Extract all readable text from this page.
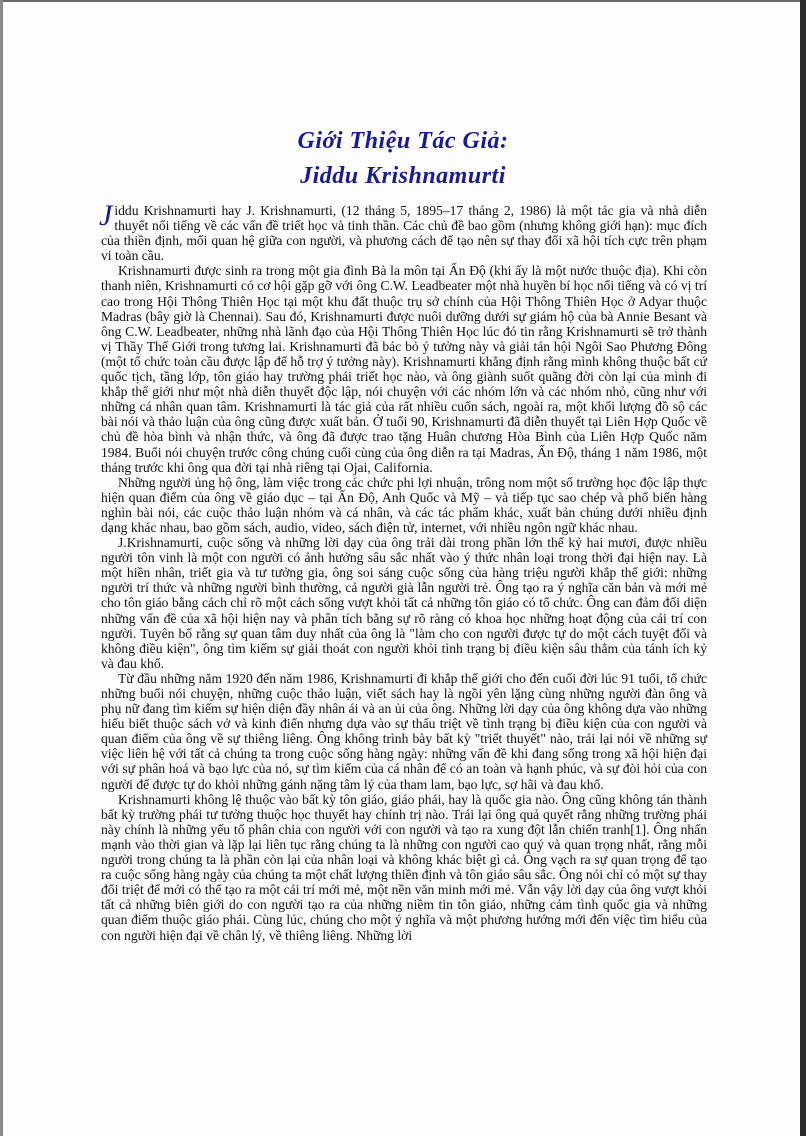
Giới Thiệu Tác Giả:
Jiddu Krishnamurti

Jiddu Krishnamurti hay J. Krishnamurti, (12 tháng 5, 1895–17 tháng 2, 1986) là một tác gia và nhà diễn thuyết nổi tiếng về các vấn đề triết học và tinh thần. Các chủ đề bao gồm (nhưng không giới hạn): mục đích của thiền định, mối quan hệ giữa con người, và phương cách để tạo nên sự thay đổi xã hội tích cực trên phạm vi toàn cầu.

Krishnamurti được sinh ra trong một gia đình Bà la môn tại Ấn Độ (khi ấy là một nước thuộc địa). Khi còn thanh niên, Krishnamurti có cơ hội gặp gỡ với ông C.W. Leadbeater một nhà huyền bí học nổi tiếng và có vị trí cao trong Hội Thông Thiên Học tại một khu đất thuộc trụ sở chính của Hội Thông Thiên Học ở Adyar thuộc Madras (bây giờ là Chennai). Sau đó, Krishnamurti được nuôi dưỡng dưới sự giám hộ của bà Annie Besant và ông C.W. Leadbeater, những nhà lãnh đạo của Hội Thông Thiên Học lúc đó tin rằng Krishnamurti sẽ trở thành vị Thầy Thế Giới trong tương lai. Krishnamurti đã bác bỏ ý tưởng này và giải tán hội Ngôi Sao Phương Đông (một tổ chức toàn cầu được lập để hỗ trợ ý tưởng này). Krishnamurti khẳng định rằng mình không thuộc bất cứ quốc tịch, tầng lớp, tôn giáo hay trường phái triết học nào, và ông giành suốt quãng đời còn lại của mình đi khắp thế giới như một nhà diễn thuyết độc lập, nói chuyện với các nhóm lớn và các nhóm nhỏ, cũng như với những cá nhân quan tâm. Krishnamurti là tác giả của rất nhiều cuốn sách, ngoài ra, một khối lượng đồ sộ các bài nói và thảo luận của ông cũng được xuất bản. Ở tuổi 90, Krishnamurti đã diễn thuyết tại Liên Hợp Quốc về chủ đề hòa bình và nhận thức, và ông đã được trao tặng Huân chương Hòa Bình của Liên Hợp Quốc năm 1984. Buổi nói chuyện trước công chúng cuối cùng của ông diễn ra tại Madras, Ấn Độ, tháng 1 năm 1986, một tháng trước khi ông qua đời tại nhà riêng tại Ojai, California.

Những người ủng hộ ông, làm việc trong các chức phi lợi nhuận, trông nom một số trường học độc lập thực hiện quan điểm của ông về giáo dục – tại Ấn Độ, Anh Quốc và Mỹ – và tiếp tục sao chép và phổ biến hàng nghìn bài nói, các cuộc thảo luận nhóm và cá nhân, và các tác phẩm khác, xuất bản chúng dưới nhiều định dạng khác nhau, bao gồm sách, audio, video, sách điện tử, internet, với nhiều ngôn ngữ khác nhau.

J.Krishnamurti, cuộc sống và những lời dạy của ông trải dài trong phần lớn thế kỷ hai mươi, được nhiều người tôn vinh là một con người có ảnh hưởng sâu sắc nhất vào ý thức nhân loại trong thời đại hiện nay. Là một hiền nhân, triết gia và tư tưởng gia, ông soi sáng cuộc sống của hàng triệu người khắp thế giới: những người trí thức và những người bình thường, cả người già lẫn người trẻ. Ông tạo ra ý nghĩa căn bản và mới mẻ cho tôn giáo bằng cách chỉ rõ một cách sống vượt khỏi tất cả những tôn giáo có tổ chức. Ông can đảm đối diện những vấn đề của xã hội hiện nay và phân tích bằng sự rõ ràng có khoa học những hoạt động của cái trí con người. Tuyên bố rằng sự quan tâm duy nhất của ông là "làm cho con người được tự do một cách tuyệt đối và không điều kiện", ông tìm kiếm sự giải thoát con người khỏi tình trạng bị điều kiện sâu thẳm của tánh ích kỷ và đau khổ.

Từ đầu những năm 1920 đến năm 1986, Krishnamurti đi khắp thế giới cho đến cuối đời lúc 91 tuổi, tổ chức những buổi nói chuyện, những cuộc thảo luận, viết sách hay là ngồi yên lặng cùng những người đàn ông và phụ nữ đang tìm kiếm sự hiện diện đầy nhân ái và an ủi của ông. Những lời dạy của ông không dựa vào những hiểu biết thuộc sách vở và kinh điển nhưng dựa vào sự thấu triệt về tình trạng bị điều kiện của con người và quan điểm của ông về sự thiêng liêng. Ông không trình bày bất kỳ "triết thuyết" nào, trái lại nói về những sự việc liên hệ với tất cả chúng ta trong cuộc sống hàng ngày: những vấn đề khi đang sống trong xã hội hiện đại với sự phân hoá và bạo lực của nó, sự tìm kiếm của cá nhân để có an toàn và hạnh phúc, và sự đòi hỏi của con người để được tự do khỏi những gánh nặng tâm lý của tham lam, bạo lực, sợ hãi và đau khổ.

Krishnamurti không lệ thuộc vào bất kỳ tôn giáo, giáo phái, hay là quốc gia nào. Ông cũng không tán thành bất kỳ trường phái tư tưởng thuộc học thuyết hay chính trị nào. Trái lại ông quả quyết rằng những trường phái này chính là những yếu tố phân chia con người với con người và tạo ra xung đột lẫn chiến tranh[1]. Ông nhấn mạnh vào thời gian và lặp lại liên tục rằng chúng ta là những con người cao quý và quan trọng nhất, rằng mỗi người trong chúng ta là phần còn lại của nhân loại và không khác biệt gì cả. Ông vạch ra sự quan trọng để tạo ra cuộc sống hàng ngày của chúng ta một chất lượng thiền định và tôn giáo sâu sắc. Ông nói chỉ có một sự thay đổi triệt để mới có thể tạo ra một cái trí mới mẻ, một nền văn minh mới mẻ. Vẫn vậy lời dạy của ông vượt khỏi tất cả những biên giới do con người tạo ra của những niềm tin tôn giáo, những cảm tình quốc gia và những quan điểm thuộc giáo phái. Cùng lúc, chúng cho một ý nghĩa và một phương hướng mới đến việc tìm hiểu của con người hiện đại về chân lý, về thiêng liêng. Những lời
